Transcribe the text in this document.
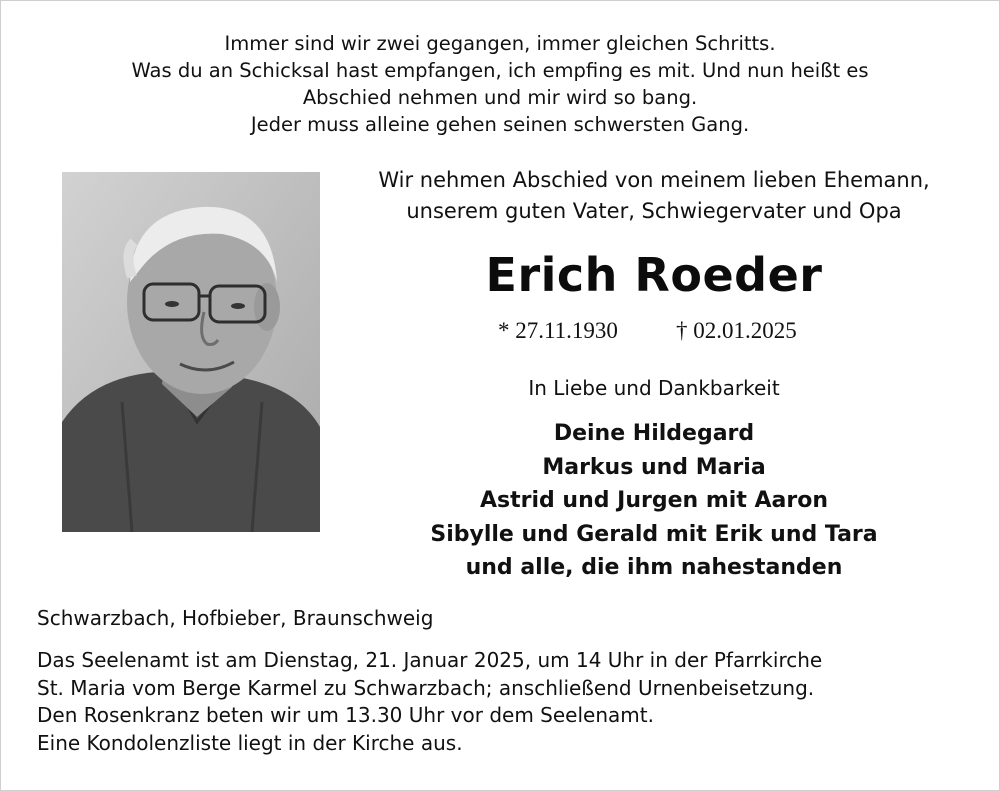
Immer sind wir zwei gegangen, immer gleichen Schritts.
Was du an Schicksal hast empfangen, ich empfing es mit. Und nun heißt es
Abschied nehmen und mir wird so bang.
Jeder muss alleine gehen seinen schwersten Gang.
Wir nehmen Abschied von meinem lieben Ehemann,
unserem guten Vater, Schwiegervater und Opa
Erich Roeder
* 27.11.1930	† 02.01.2025
In Liebe und Dankbarkeit
Deine Hildegard
Markus und Maria
Astrid und Jurgen mit Aaron
Sibylle und Gerald mit Erik und Tara
und alle, die ihm nahestanden
Schwarzbach, Hofbieber, Braunschweig
Das Seelenamt ist am Dienstag, 21. Januar 2025, um 14 Uhr in der Pfarrkirche
St. Maria vom Berge Karmel zu Schwarzbach; anschließend Urnenbeisetzung.
Den Rosenkranz beten wir um 13.30 Uhr vor dem Seelenamt.
Eine Kondolenzliste liegt in der Kirche aus.
